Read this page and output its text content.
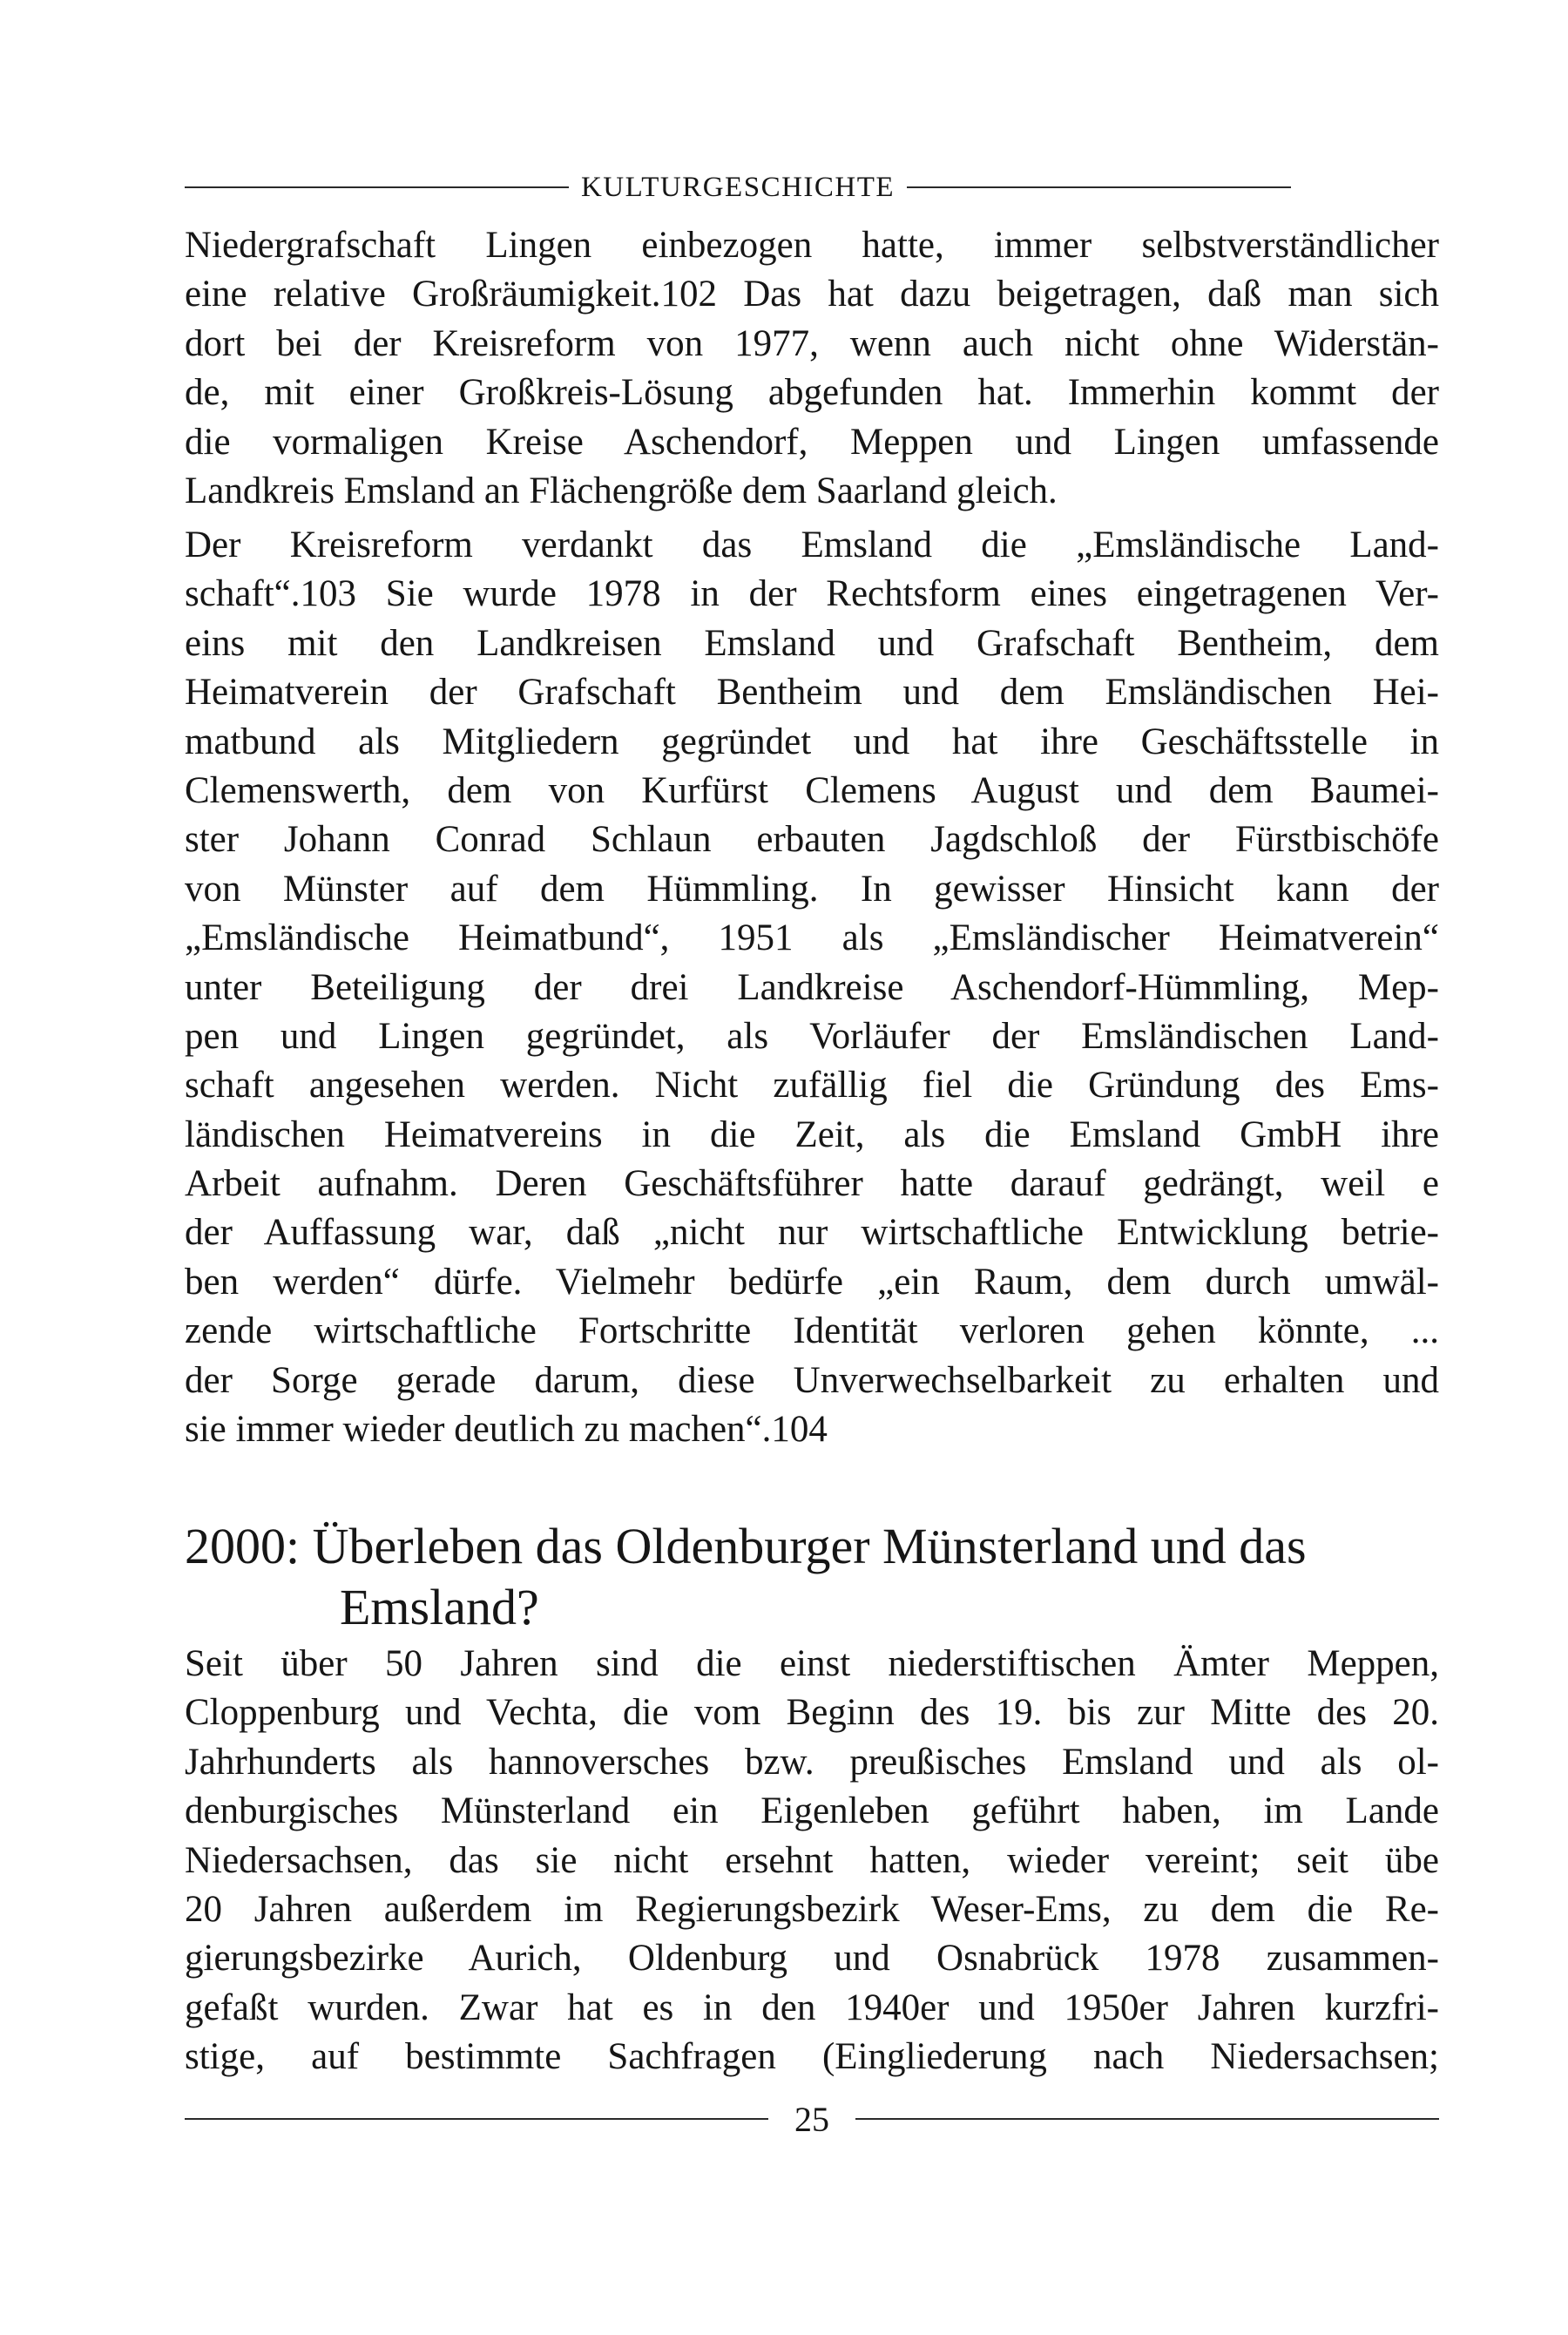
KULTURGESCHICHTE
Niedergrafschaft Lingen einbezogen hatte, immer selbstverständlicher
eine relative Großräumigkeit.102 Das hat dazu beigetragen, daß man sich
dort bei der Kreisreform von 1977, wenn auch nicht ohne Widerstän-
de, mit einer Großkreis-Lösung abgefunden hat. Immerhin kommt der
die vormaligen Kreise Aschendorf, Meppen und Lingen umfassende
Landkreis Emsland an Flächengröße dem Saarland gleich.
Der Kreisreform verdankt das Emsland die „Emsländische Land-
schaft“.103 Sie wurde 1978 in der Rechtsform eines eingetragenen Ver-
eins mit den Landkreisen Emsland und Grafschaft Bentheim, dem
Heimatverein der Grafschaft Bentheim und dem Emsländischen Hei-
matbund als Mitgliedern gegründet und hat ihre Geschäftsstelle in
Clemenswerth, dem von Kurfürst Clemens August und dem Baumei-
ster Johann Conrad Schlaun erbauten Jagdschloß der Fürstbischöfe
von Münster auf dem Hümmling. In gewisser Hinsicht kann der
„Emsländische Heimatbund“, 1951 als „Emsländischer Heimatverein“
unter Beteiligung der drei Landkreise Aschendorf-Hümmling, Mep-
pen und Lingen gegründet, als Vorläufer der Emsländischen Land-
schaft angesehen werden. Nicht zufällig fiel die Gründung des Ems-
ländischen Heimatvereins in die Zeit, als die Emsland GmbH ihre
Arbeit aufnahm. Deren Geschäftsführer hatte darauf gedrängt, weil e
der Auffassung war, daß „nicht nur wirtschaftliche Entwicklung betrie-
ben werden“ dürfe. Vielmehr bedürfe „ein Raum, dem durch umwäl-
zende wirtschaftliche Fortschritte Identität verloren gehen könnte, ...
der Sorge gerade darum, diese Unverwechselbarkeit zu erhalten und
sie immer wieder deutlich zu machen“.104
2000: Überleben das Oldenburger Münsterland und das
Emsland?
Seit über 50 Jahren sind die einst niederstiftischen Ämter Meppen,
Cloppenburg und Vechta, die vom Beginn des 19. bis zur Mitte des 20.
Jahrhunderts als hannoversches bzw. preußisches Emsland und als ol-
denburgisches Münsterland ein Eigenleben geführt haben, im Lande
Niedersachsen, das sie nicht ersehnt hatten, wieder vereint; seit übe
20 Jahren außerdem im Regierungsbezirk Weser-Ems, zu dem die Re-
gierungsbezirke Aurich, Oldenburg und Osnabrück 1978 zusammen-
gefaßt wurden. Zwar hat es in den 1940er und 1950er Jahren kurzfri-
stige, auf bestimmte Sachfragen (Eingliederung nach Niedersachsen;
25
